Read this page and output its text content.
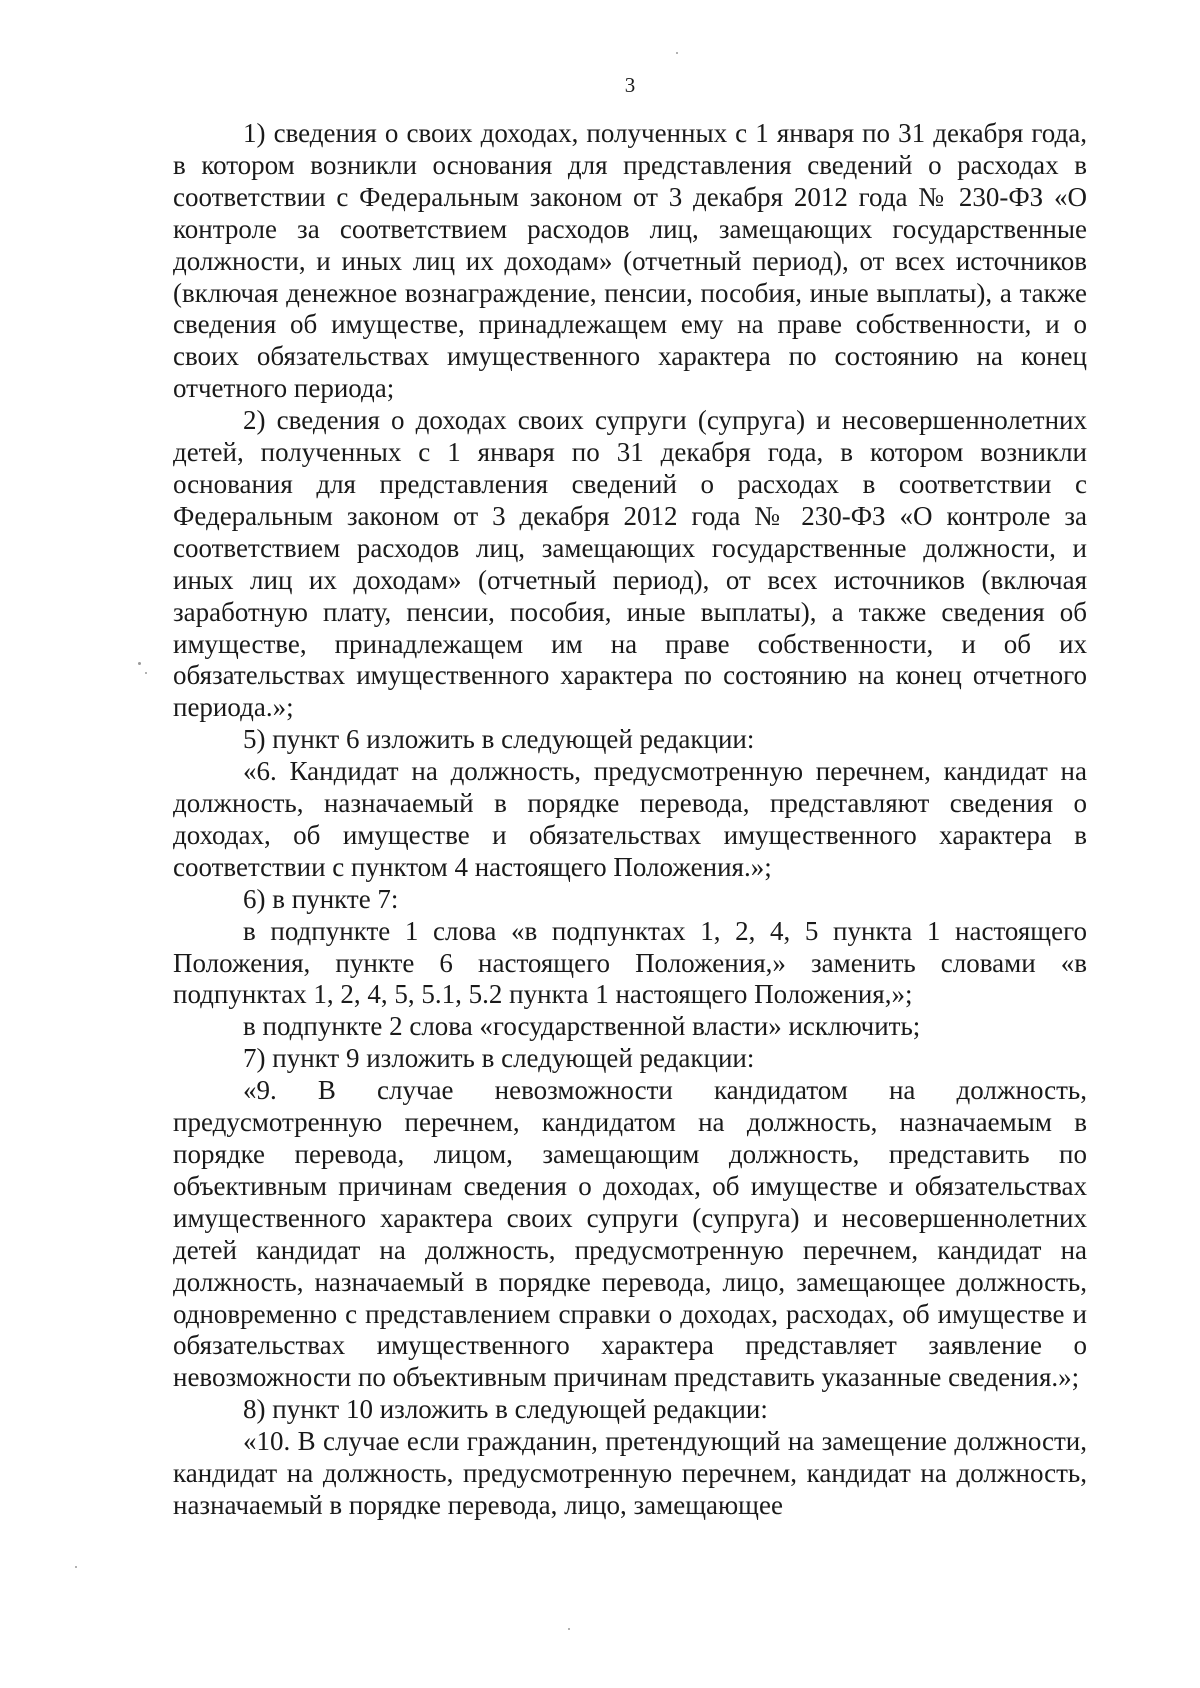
3

1) сведения о своих доходах, полученных с 1 января по 31 декабря года, в котором возникли основания для представления сведений о расходах в соответствии с Федеральным законом от 3 декабря 2012 года № 230-ФЗ «О контроле за соответствием расходов лиц, замещающих государственные должности, и иных лиц их доходам» (отчетный период), от всех источников (включая денежное вознаграждение, пенсии, пособия, иные выплаты), а также сведения об имуществе, принадлежащем ему на праве собственности, и о своих обязательствах имущественного характера по состоянию на конец отчетного периода;

2) сведения о доходах своих супруги (супруга) и несовершеннолетних детей, полученных с 1 января по 31 декабря года, в котором возникли основания для представления сведений о расходах в соответствии с Федеральным законом от 3 декабря 2012 года № 230-ФЗ «О контроле за соответствием расходов лиц, замещающих государственные должности, и иных лиц их доходам» (отчетный период), от всех источников (включая заработную плату, пенсии, пособия, иные выплаты), а также сведения об имуществе, принадлежащем им на праве собственности, и об их обязательствах имущественного характера по состоянию на конец отчетного периода.»;

5) пункт 6 изложить в следующей редакции:

«6. Кандидат на должность, предусмотренную перечнем, кандидат на должность, назначаемый в порядке перевода, представляют сведения о доходах, об имуществе и обязательствах имущественного характера в соответствии с пунктом 4 настоящего Положения.»;

6) в пункте 7:

в подпункте 1 слова «в подпунктах 1, 2, 4, 5 пункта 1 настоящего Положения, пункте 6 настоящего Положения,» заменить словами «в подпунктах 1, 2, 4, 5, 5.1, 5.2 пункта 1 настоящего Положения,»;

в подпункте 2 слова «государственной власти» исключить;

7) пункт 9 изложить в следующей редакции:

«9. В случае невозможности кандидатом на должность, предусмотренную перечнем, кандидатом на должность, назначаемым в порядке перевода, лицом, замещающим должность, представить по объективным причинам сведения о доходах, об имуществе и обязательствах имущественного характера своих супруги (супруга) и несовершеннолетних детей кандидат на должность, предусмотренную перечнем, кандидат на должность, назначаемый в порядке перевода, лицо, замещающее должность, одновременно с представлением справки о доходах, расходах, об имуществе и обязательствах имущественного характера представляет заявление о невозможности по объективным причинам представить указанные сведения.»;

8) пункт 10 изложить в следующей редакции:

«10. В случае если гражданин, претендующий на замещение должности, кандидат на должность, предусмотренную перечнем, кандидат на должность, назначаемый в порядке перевода, лицо, замещающее
